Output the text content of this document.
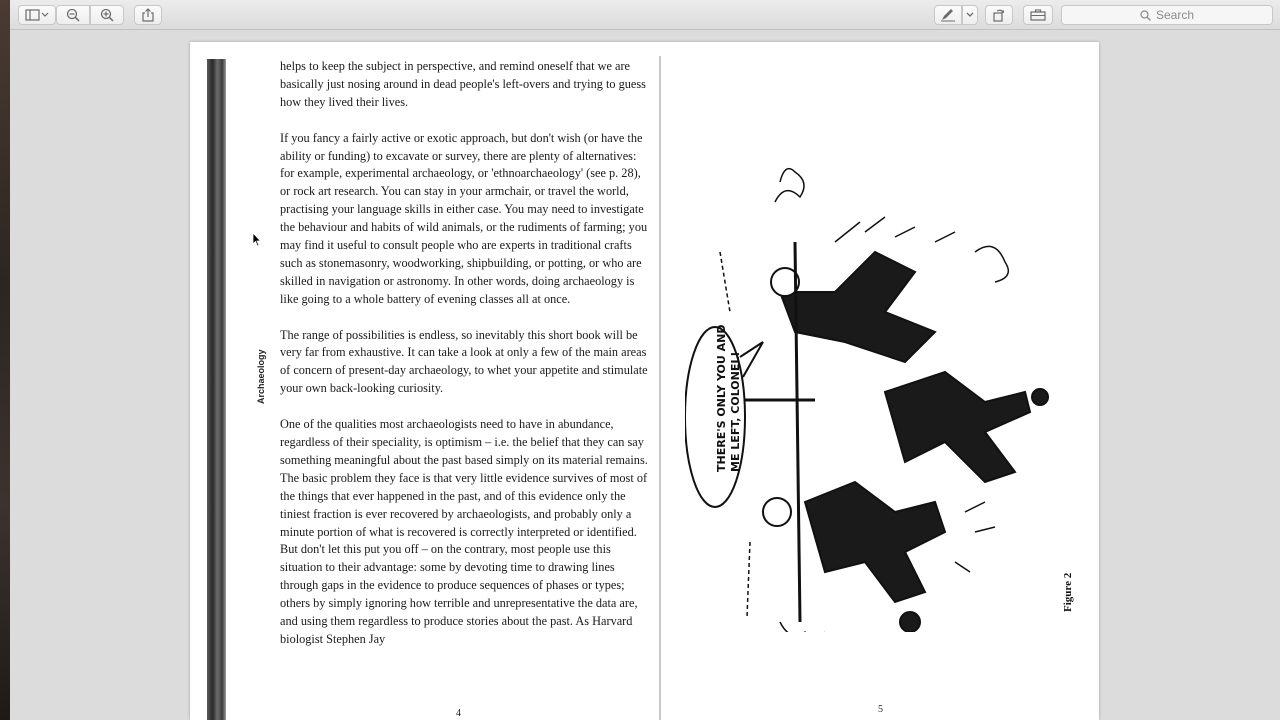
Search
Archaeology

helps to keep the subject in perspective, and remind oneself that we are basically just nosing around in dead people's left-overs and trying to guess how they lived their lives.

If you fancy a fairly active or exotic approach, but don't wish (or have the ability or funding) to excavate or survey, there are plenty of alternatives: for example, experimental archaeology, or 'ethnoarchaeology' (see p. 28), or rock art research. You can stay in your armchair, or travel the world, practising your language skills in either case. You may need to investigate the behaviour and habits of wild animals, or the rudiments of farming; you may find it useful to consult people who are experts in traditional crafts such as stonemasonry, woodworking, shipbuilding, or potting, or who are skilled in navigation or astronomy. In other words, doing archaeology is like going to a whole battery of evening classes all at once.

The range of possibilities is endless, so inevitably this short book will be very far from exhaustive. It can take a look at only a few of the main areas of concern of present-day archaeology, to whet your appetite and stimulate your own back-looking curiosity.

One of the qualities most archaeologists need to have in abundance, regardless of their speciality, is optimism – i.e. the belief that they can say something meaningful about the past based simply on its material remains. The basic problem they face is that very little evidence survives of most of the things that ever happened in the past, and of this evidence only the tiniest fraction is ever recovered by archaeologists, and probably only a minute portion of what is recovered is correctly interpreted or identified. But don't let this put you off – on the contrary, most people use this situation to their advantage: some by devoting time to drawing lines through gaps in the evidence to produce sequences of phases or types; others by simply ignoring how terrible and unrepresentative the data are, and using them regardless to produce stories about the past. As Harvard biologist Stephen Jay

4
THERE'S ONLY YOU AND ME LEFT, COLONEL!
Figure 2
5
